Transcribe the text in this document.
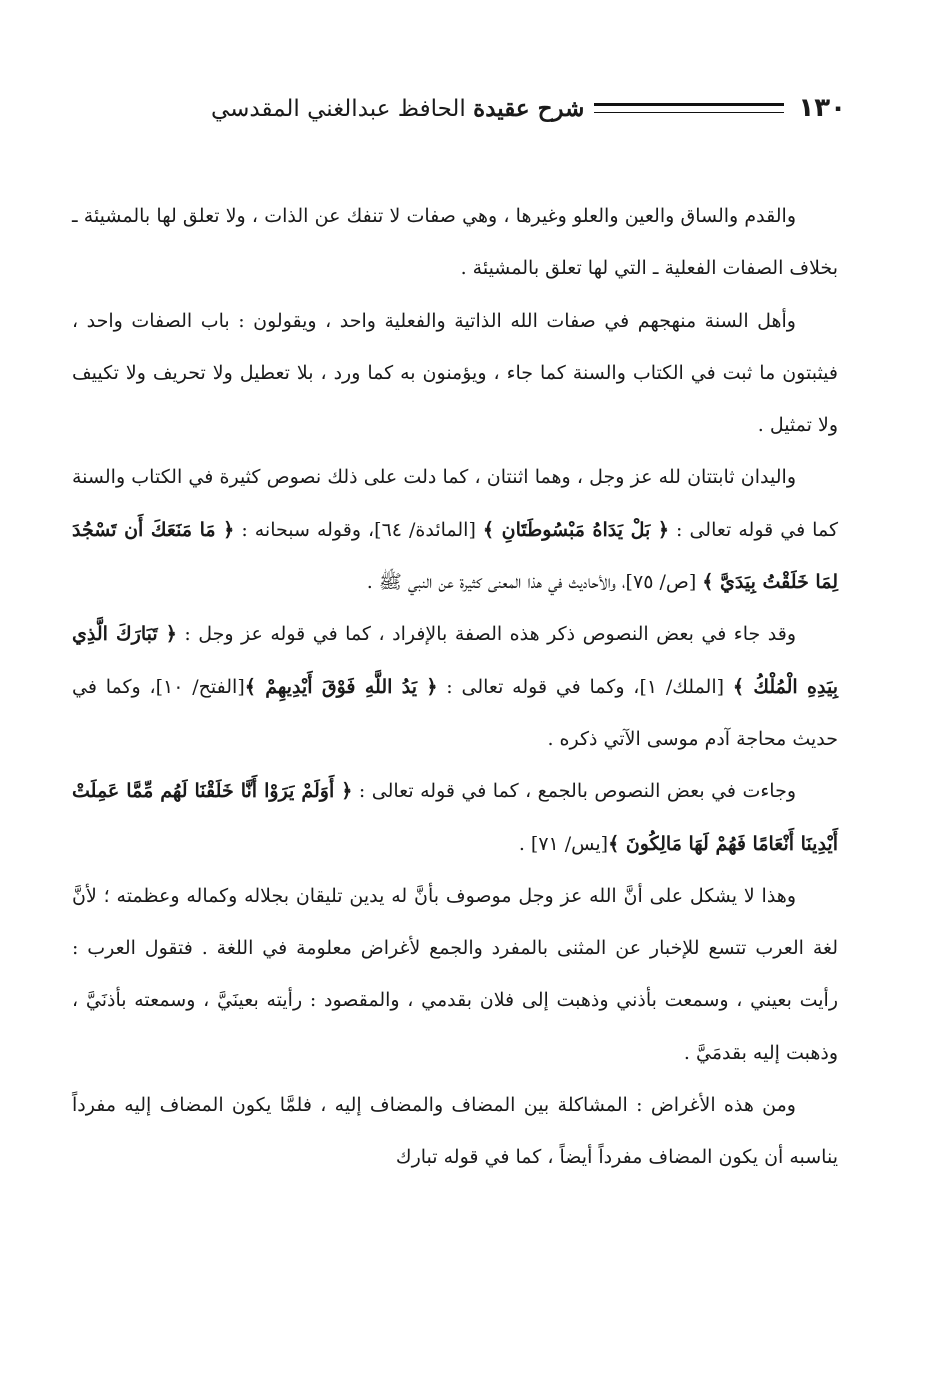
١٣٠
شرح عقيدة الحافظ عبدالغني المقدسي

والقدم والساق والعين والعلو وغيرها ، وهي صفات لا تنفك عن الذات ، ولا تعلق لها بالمشيئة ـ بخلاف الصفات الفعلية ـ التي لها تعلق بالمشيئة .

وأهل السنة منهجهم في صفات الله الذاتية والفعلية واحد ، ويقولون : باب الصفات واحد ، فيثبتون ما ثبت في الكتاب والسنة كما جاء ، ويؤمنون به كما ورد ، بلا تعطيل ولا تحريف ولا تكييف ولا تمثيل .

واليدان ثابتتان لله عز وجل ، وهما اثنتان ، كما دلت على ذلك نصوص كثيرة في الكتاب والسنة كما في قوله تعالى : ﴿ بَلْ يَدَاهُ مَبْسُوطَتَانِ ﴾ [المائدة/ ٦٤]، وقوله سبحانه : ﴿ مَا مَنَعَكَ أَن تَسْجُدَ لِمَا خَلَقْتُ بِيَدَيَّ ﴾ [ص/ ٧٥]، والأحاديث في هذا المعنى كثيرة عن النبي ﷺ .

وقد جاء في بعض النصوص ذكر هذه الصفة بالإفراد ، كما في قوله عز وجل : ﴿ تَبَارَكَ الَّذِي بِيَدِهِ الْمُلْكُ ﴾ [الملك/ ١]، وكما في قوله تعالى : ﴿ يَدُ اللَّهِ فَوْقَ أَيْدِيهِمْ ﴾[الفتح/ ١٠]، وكما في حديث محاجة آدم موسى الآتي ذكره .

وجاءت في بعض النصوص بالجمع ، كما في قوله تعالى : ﴿ أَوَلَمْ يَرَوْا أَنَّا خَلَقْنَا لَهُم مِّمَّا عَمِلَتْ أَيْدِينَا أَنْعَامًا فَهُمْ لَهَا مَالِكُونَ ﴾[يس/ ٧١] .

وهذا لا يشكل على أنَّ الله عز وجل موصوف بأنَّ له يدين تليقان بجلاله وكماله وعظمته ؛ لأنَّ لغة العرب تتسع للإخبار عن المثنى بالمفرد والجمع لأغراض معلومة في اللغة . فتقول العرب : رأيت بعيني ، وسمعت بأذني وذهبت إلى فلان بقدمي ، والمقصود : رأيته بعينَيَّ ، وسمعته بأذنَيَّ ، وذهبت إليه بقدمَيَّ .

ومن هذه الأغراض : المشاكلة بين المضاف والمضاف إليه ، فلمَّا يكون المضاف إليه مفرداً يناسبه أن يكون المضاف مفرداً أيضاً ، كما في قوله تبارك
